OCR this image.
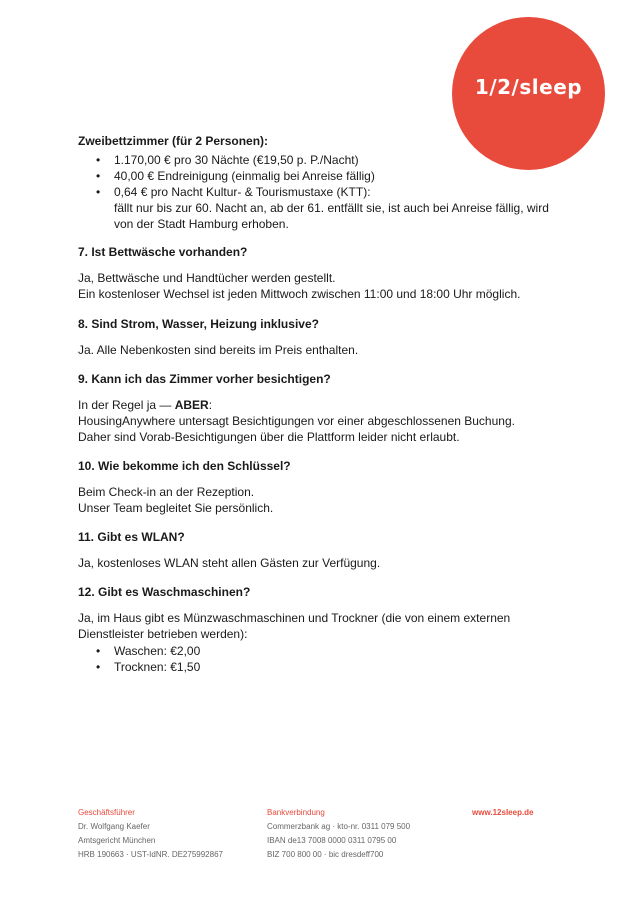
1/2/sleep

Zweibettzimmer (für 2 Personen):

• 1.170,00 € pro 30 Nächte (€19,50 p. P./Nacht)
• 40,00 € Endreinigung (einmalig bei Anreise fällig)
• 0,64 € pro Nacht Kultur- & Tourismustaxe (KTT):

fällt nur bis zur 60. Nacht an, ab der 61. entfällt sie, ist auch bei Anreise fällig, wird

von der Stadt Hamburg erhoben.

7. Ist Bettwäsche vorhanden?

Ja, Bettwäsche und Handtücher werden gestellt.

Ein kostenloser Wechsel ist jeden Mittwoch zwischen 11:00 und 18:00 Uhr möglich.

8. Sind Strom, Wasser, Heizung inklusive?

Ja. Alle Nebenkosten sind bereits im Preis enthalten.

9. Kann ich das Zimmer vorher besichtigen?

In der Regel ja — ABER:

HousingAnywhere untersagt Besichtigungen vor einer abgeschlossenen Buchung.

Daher sind Vorab-Besichtigungen über die Plattform leider nicht erlaubt.

10. Wie bekomme ich den Schlüssel?

Beim Check-in an der Rezeption.

Unser Team begleitet Sie persönlich.

11. Gibt es WLAN?

Ja, kostenloses WLAN steht allen Gästen zur Verfügung.

12. Gibt es Waschmaschinen?

Ja, im Haus gibt es Münzwaschmaschinen und Trockner (die von einem externen

Dienstleister betrieben werden):

• Waschen: €2,00
• Trocknen: €1,50
Geschäftsführer
Dr. Wolfgang Kaefer
Amtsgericht München
HRB 190663 · UST-IdNR. DE275992867
Bankverbindung
Commerzbank ag · kto-nr. 0311 079 500
IBAN de13 7008 0000 0311 0795 00
BIZ 700 800 00 · bic dresdeff700
www.12sleep.de
